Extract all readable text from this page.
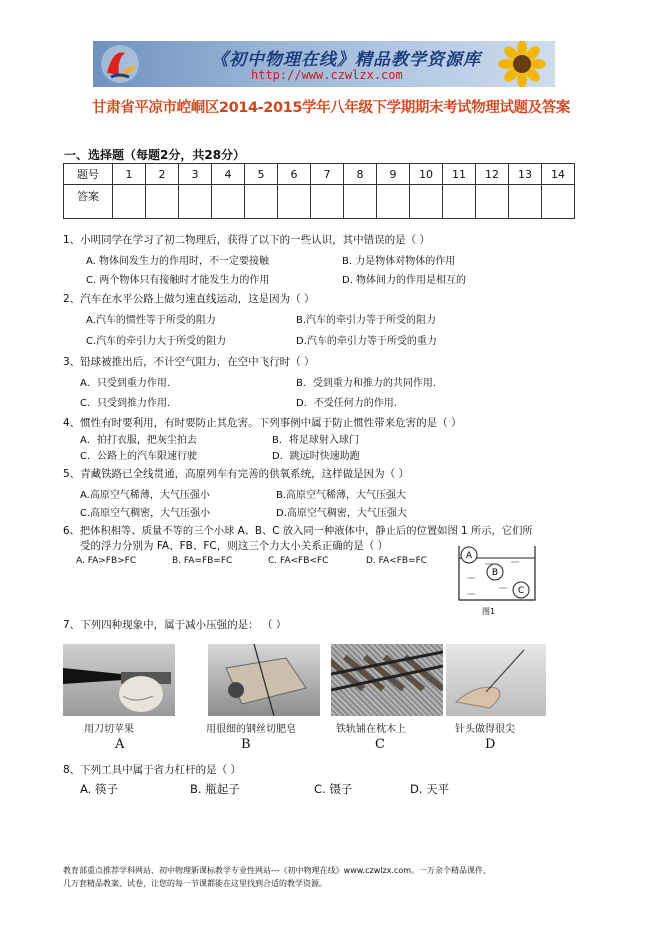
《初中物理在线》精品教学资源库
http://www.czwlzx.com
甘肃省平凉市崆峒区2014-2015学年八年级下学期期末考试物理试题及答案
一、选择题（每题2分，共28分）
题号	1	2	3	4	5	6	7	8	9	10	11	12	13	14
答案														
1、小明同学在学习了初二物理后，获得了以下的一些认识，其中错误的是（ ）
A. 物体间发生力的作用时，不一定要接触	B. 力是物体对物体的作用
C. 两个物体只有接触时才能发生力的作用	D. 物体间力的作用是相互的
2、汽车在水平公路上做匀速直线运动，这是因为（ ）
A.汽车的惯性等于所受的阻力	B.汽车的牵引力等于所受的阻力
C.汽车的牵引力大于所受的阻力	D.汽车的牵引力等于所受的重力
3、铅球被推出后，不计空气阻力，在空中飞行时（ ）
A．只受到重力作用．	B．受到重力和推力的共同作用．
C．只受到推力作用．	D．不受任何力的作用．
4、惯性有时要利用，有时要防止其危害。下列事例中属于防止惯性带来危害的是（ ）
A．拍打衣服，把灰尘拍去	B．将足球射入球门
C．公路上的汽车限速行驶	D．跳远时快速助跑
5、青藏铁路已全线贯通，高原列车有完善的供氧系统，这样做是因为（ ）
A.高原空气稀薄，大气压强小	B.高原空气稀薄，大气压强大
C.高原空气稠密，大气压强小	D.高原空气稠密，大气压强大
6、把体积相等、质量不等的三个小球 A、B、C 放入同一种液体中，静止后的位置如图 1 所示，它们所
受的浮力分别为 FA、FB、FC，则这三个力大小关系正确的是（ ）
A. FA>FB>FC	B. FA=FB=FC	C. FA<FB<FC	D. FA<FB=FC	A
B
C
图1
7、下列四种现象中，属于减小压强的是： （ ）
用刀切苹果	用很细的钢丝切肥皂	铁轨铺在枕木上	针头做得很尖
A	B	C	D
8、下列工具中属于省力杠杆的是（ ）
A. 筷子	B. 瓶起子	C. 镊子	D. 天平
教育部重点推荐学科网站、初中物理新课标教学专业性网站---《初中物理在线》www.czwlzx.com。一万余个精品课件、
几万套精品教案、试卷，让您的每一节课都能在这里找到合适的教学资源。
